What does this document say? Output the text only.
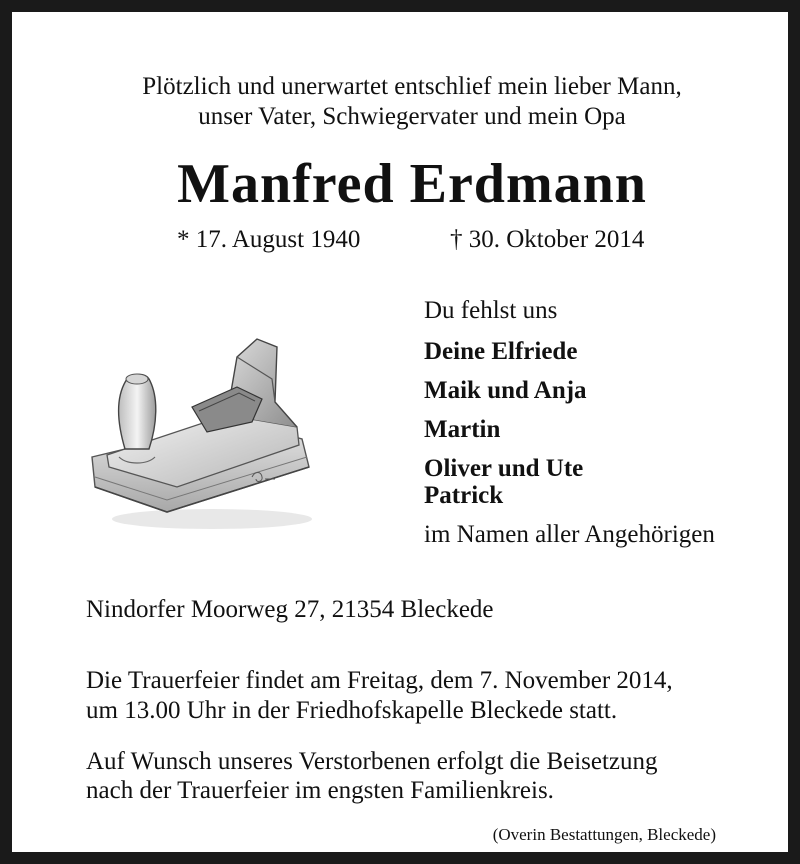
Plötzlich und unerwartet entschlief mein lieber Mann,
unser Vater, Schwiegervater und mein Opa
Manfred Erdmann
* 17. August 1940	† 30. Oktober 2014
Du fehlst uns
Deine Elfriede
Maik und Anja
Martin
Oliver und Ute
Patrick
im Namen aller Angehörigen
Nindorfer Moorweg 27, 21354 Bleckede
Die Trauerfeier findet am Freitag, dem 7. November 2014,
um 13.00 Uhr in der Friedhofskapelle Bleckede statt.
Auf Wunsch unseres Verstorbenen erfolgt die Beisetzung
nach der Trauerfeier im engsten Familienkreis.
(Overin Bestattungen, Bleckede)
